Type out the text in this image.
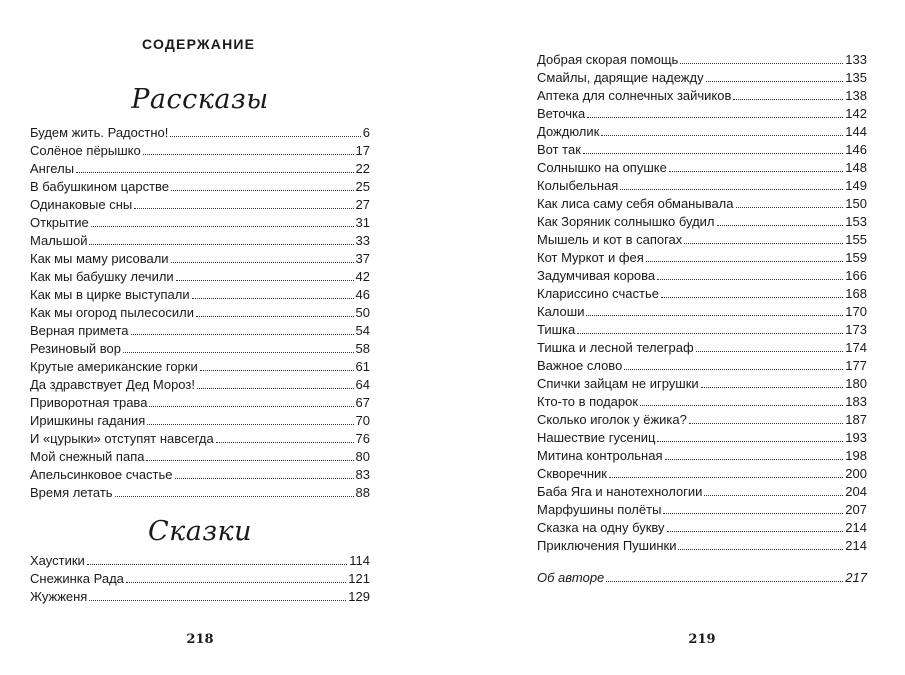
СОДЕРЖАНИЕ
Рассказы
Будем жить. Радостно!	6
Солёное пёрышко	17
Ангелы	22
В бабушкином царстве	25
Одинаковые сны	27
Открытие	31
Мальшой	33
Как мы маму рисовали	37
Как мы бабушку лечили	42
Как мы в цирке выступали	46
Как мы огород пылесосили	50
Верная примета	54
Резиновый вор	58
Крутые американские горки	61
Да здравствует Дед Мороз!	64
Приворотная трава	67
Иришкины гадания	70
И «цурыки» отступят навсегда	76
Мой снежный папа	80
Апельсинковое счастье	83
Время летать	88
Сказки
Хаустики	114
Снежинка Рада	121
Жужженя	129
218
Добрая скорая помощь	133
Смайлы, дарящие надежду	135
Аптека для солнечных зайчиков	138
Веточка	142
Дождюлик	144
Вот так	146
Солнышко на опушке	148
Колыбельная	149
Как лиса саму себя обманывала	150
Как Зоряник солнышко будил	153
Мышель и кот в сапогах	155
Кот Муркот и фея	159
Задумчивая корова	166
Клариссино счастье	168
Калоши	170
Тишка	173
Тишка и лесной телеграф	174
Важное слово	177
Спички зайцам не игрушки	180
Кто-то в подарок	183
Сколько иголок у ёжика?	187
Нашествие гусениц	193
Митина контрольная	198
Скворечник	200
Баба Яга и нанотехнологии	204
Марфушины полёты	207
Сказка на одну букву	214
Приключения Пушинки	214
Об авторе	217
219
